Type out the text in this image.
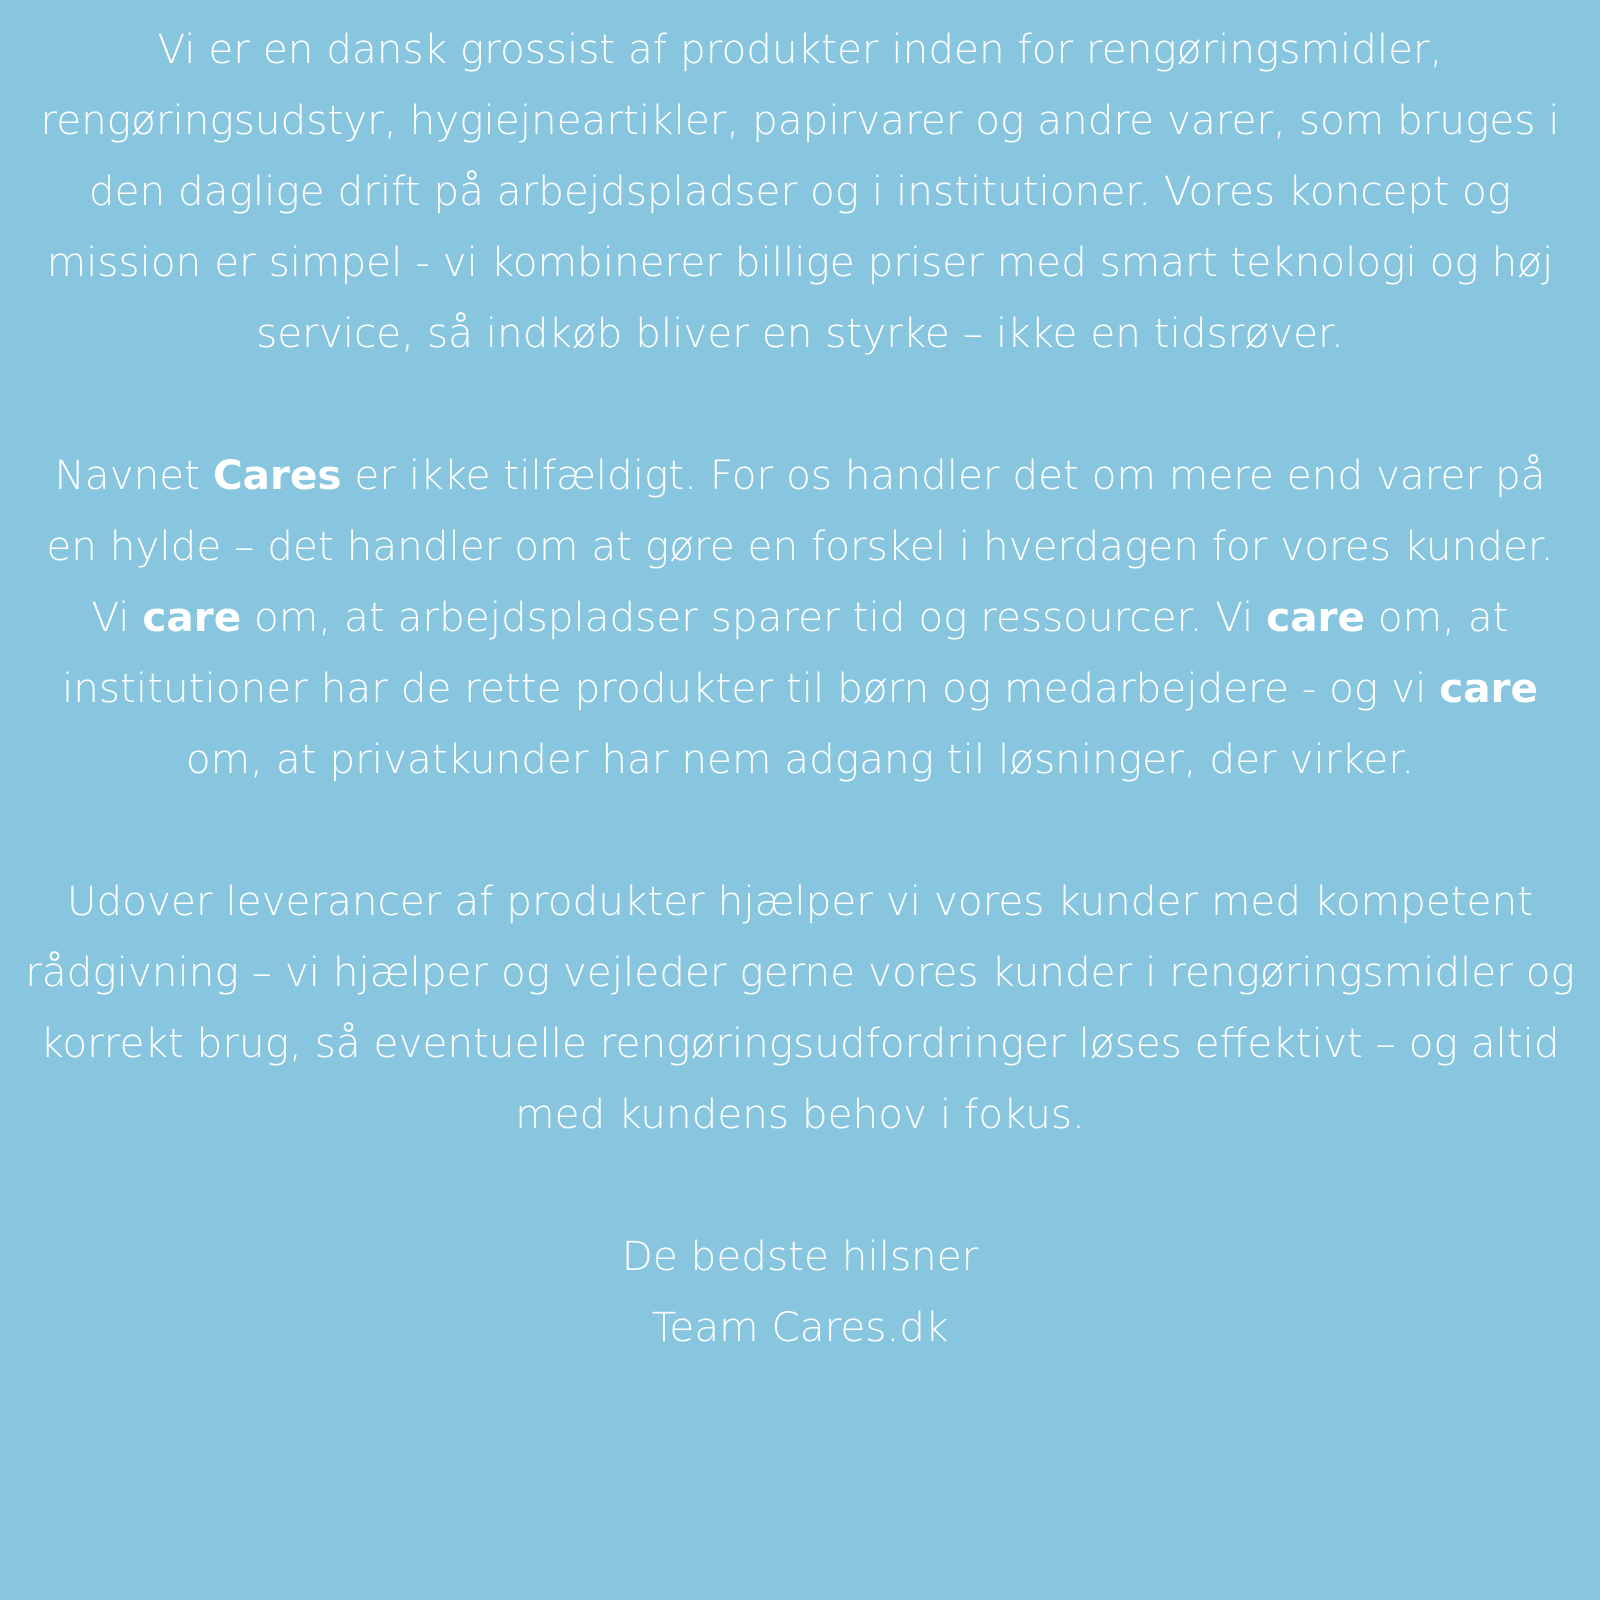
Vi er en dansk grossist af produkter inden for rengøringsmidler, rengøringsudstyr, hygiejneartikler, papirvarer og andre varer, som bruges i den daglige drift på arbejdspladser og i institutioner. Vores koncept og mission er simpel - vi kombinerer billige priser med smart teknologi og høj service, så indkøb bliver en styrke – ikke en tidsrøver.

Navnet Cares er ikke tilfældigt. For os handler det om mere end varer på en hylde – det handler om at gøre en forskel i hverdagen for vores kunder. Vi care om, at arbejdspladser sparer tid og ressourcer. Vi care om, at institutioner har de rette produkter til børn og medarbejdere - og vi care om, at privatkunder har nem adgang til løsninger, der virker.

Udover leverancer af produkter hjælper vi vores kunder med kompetent rådgivning – vi hjælper og vejleder gerne vores kunder i rengøringsmidler og korrekt brug, så eventuelle rengøringsudfordringer løses effektivt – og altid med kundens behov i fokus.

De bedste hilsner

Team Cares.dk
